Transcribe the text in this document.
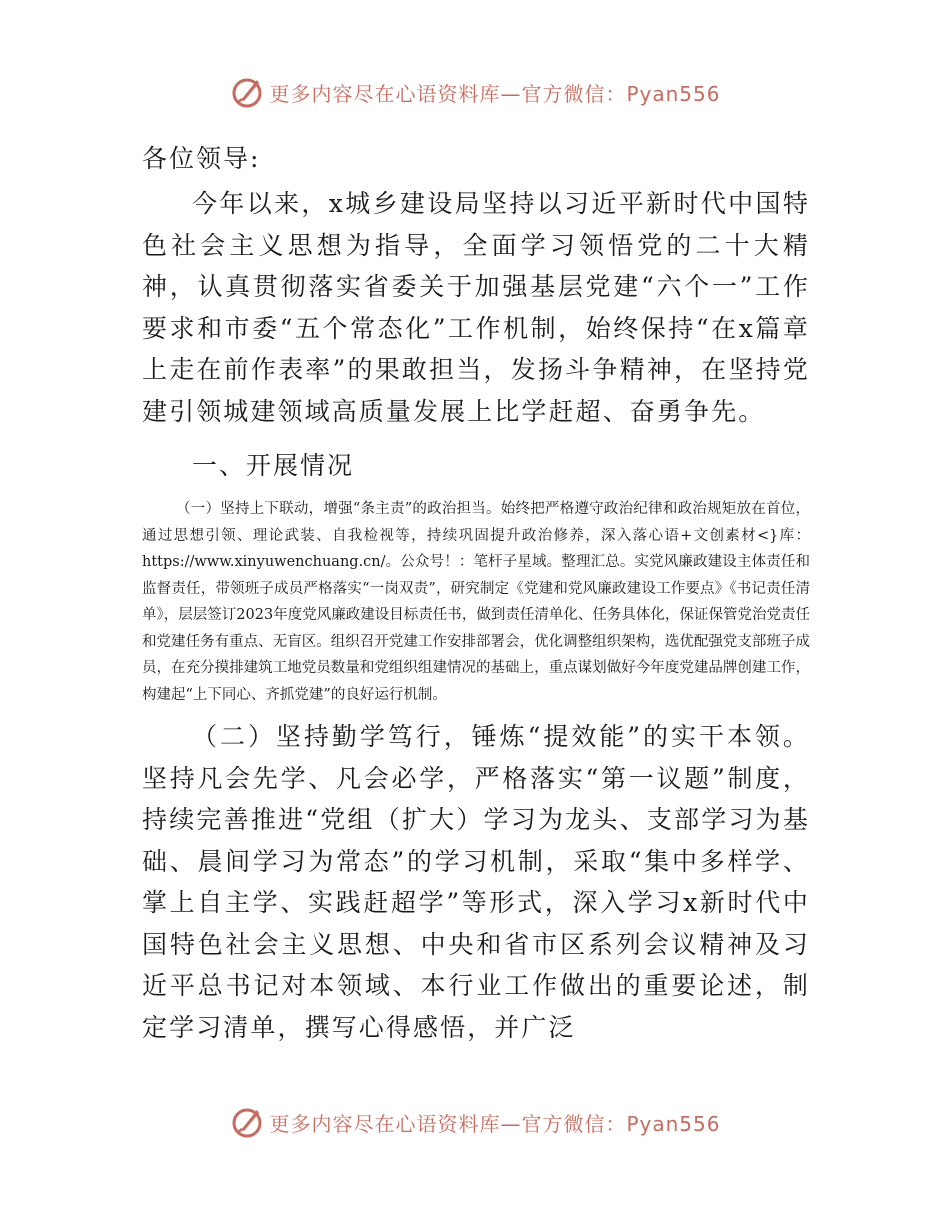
更多内容尽在心语资料库—官方微信：Pyan556

各位领导:

今年以来，x城乡建设局坚持以习近平新时代中国特色社会主义思想为指导，全面学习领悟党的二十大精神，认真贯彻落实省委关于加强基层党建“六个一”工作要求和市委“五个常态化”工作机制，始终保持“在x篇章上走在前作表率”的果敢担当，发扬斗争精神，在坚持党建引领城建领域高质量发展上比学赶超、奋勇争先。

一、开展情况

（一）坚持上下联动，增强“条主责”的政治担当。始终把严格遵守政治纪律和政治规矩放在首位，通过思想引领、理论武装、自我检视等，持续巩固提升政治修养，深入落心语+文创素材<}库：https://www.xinyuwenchuang.cn/。公众号！：笔杆子星域。整理汇总。实党风廉政建设主体责任和监督责任，带领班子成员严格落实“一岗双责”，研究制定《党建和党风廉政建设工作要点》《书记责任清单》，层层签订2023年度党风廉政建设目标责任书，做到责任清单化、任务具体化，保证保管党治党责任和党建任务有重点、无盲区。组织召开党建工作安排部署会，优化调整组织架构，选优配强党支部班子成员，在充分摸排建筑工地党员数量和党组织组建情况的基础上，重点谋划做好今年度党建品牌创建工作，构建起“上下同心、齐抓党建”的良好运行机制。

（二）坚持勤学笃行，锤炼“提效能”的实干本领。坚持凡会先学、凡会必学，严格落实“第一议题”制度，持续完善推进“党组（扩大）学习为龙头、支部学习为基础、晨间学习为常态”的学习机制，采取“集中多样学、掌上自主学、实践赶超学”等形式，深入学习x新时代中国特色社会主义思想、中央和省市区系列会议精神及习近平总书记对本领域、本行业工作做出的重要论述，制定学习清单，撰写心得感悟，并广泛

更多内容尽在心语资料库—官方微信：Pyan556
